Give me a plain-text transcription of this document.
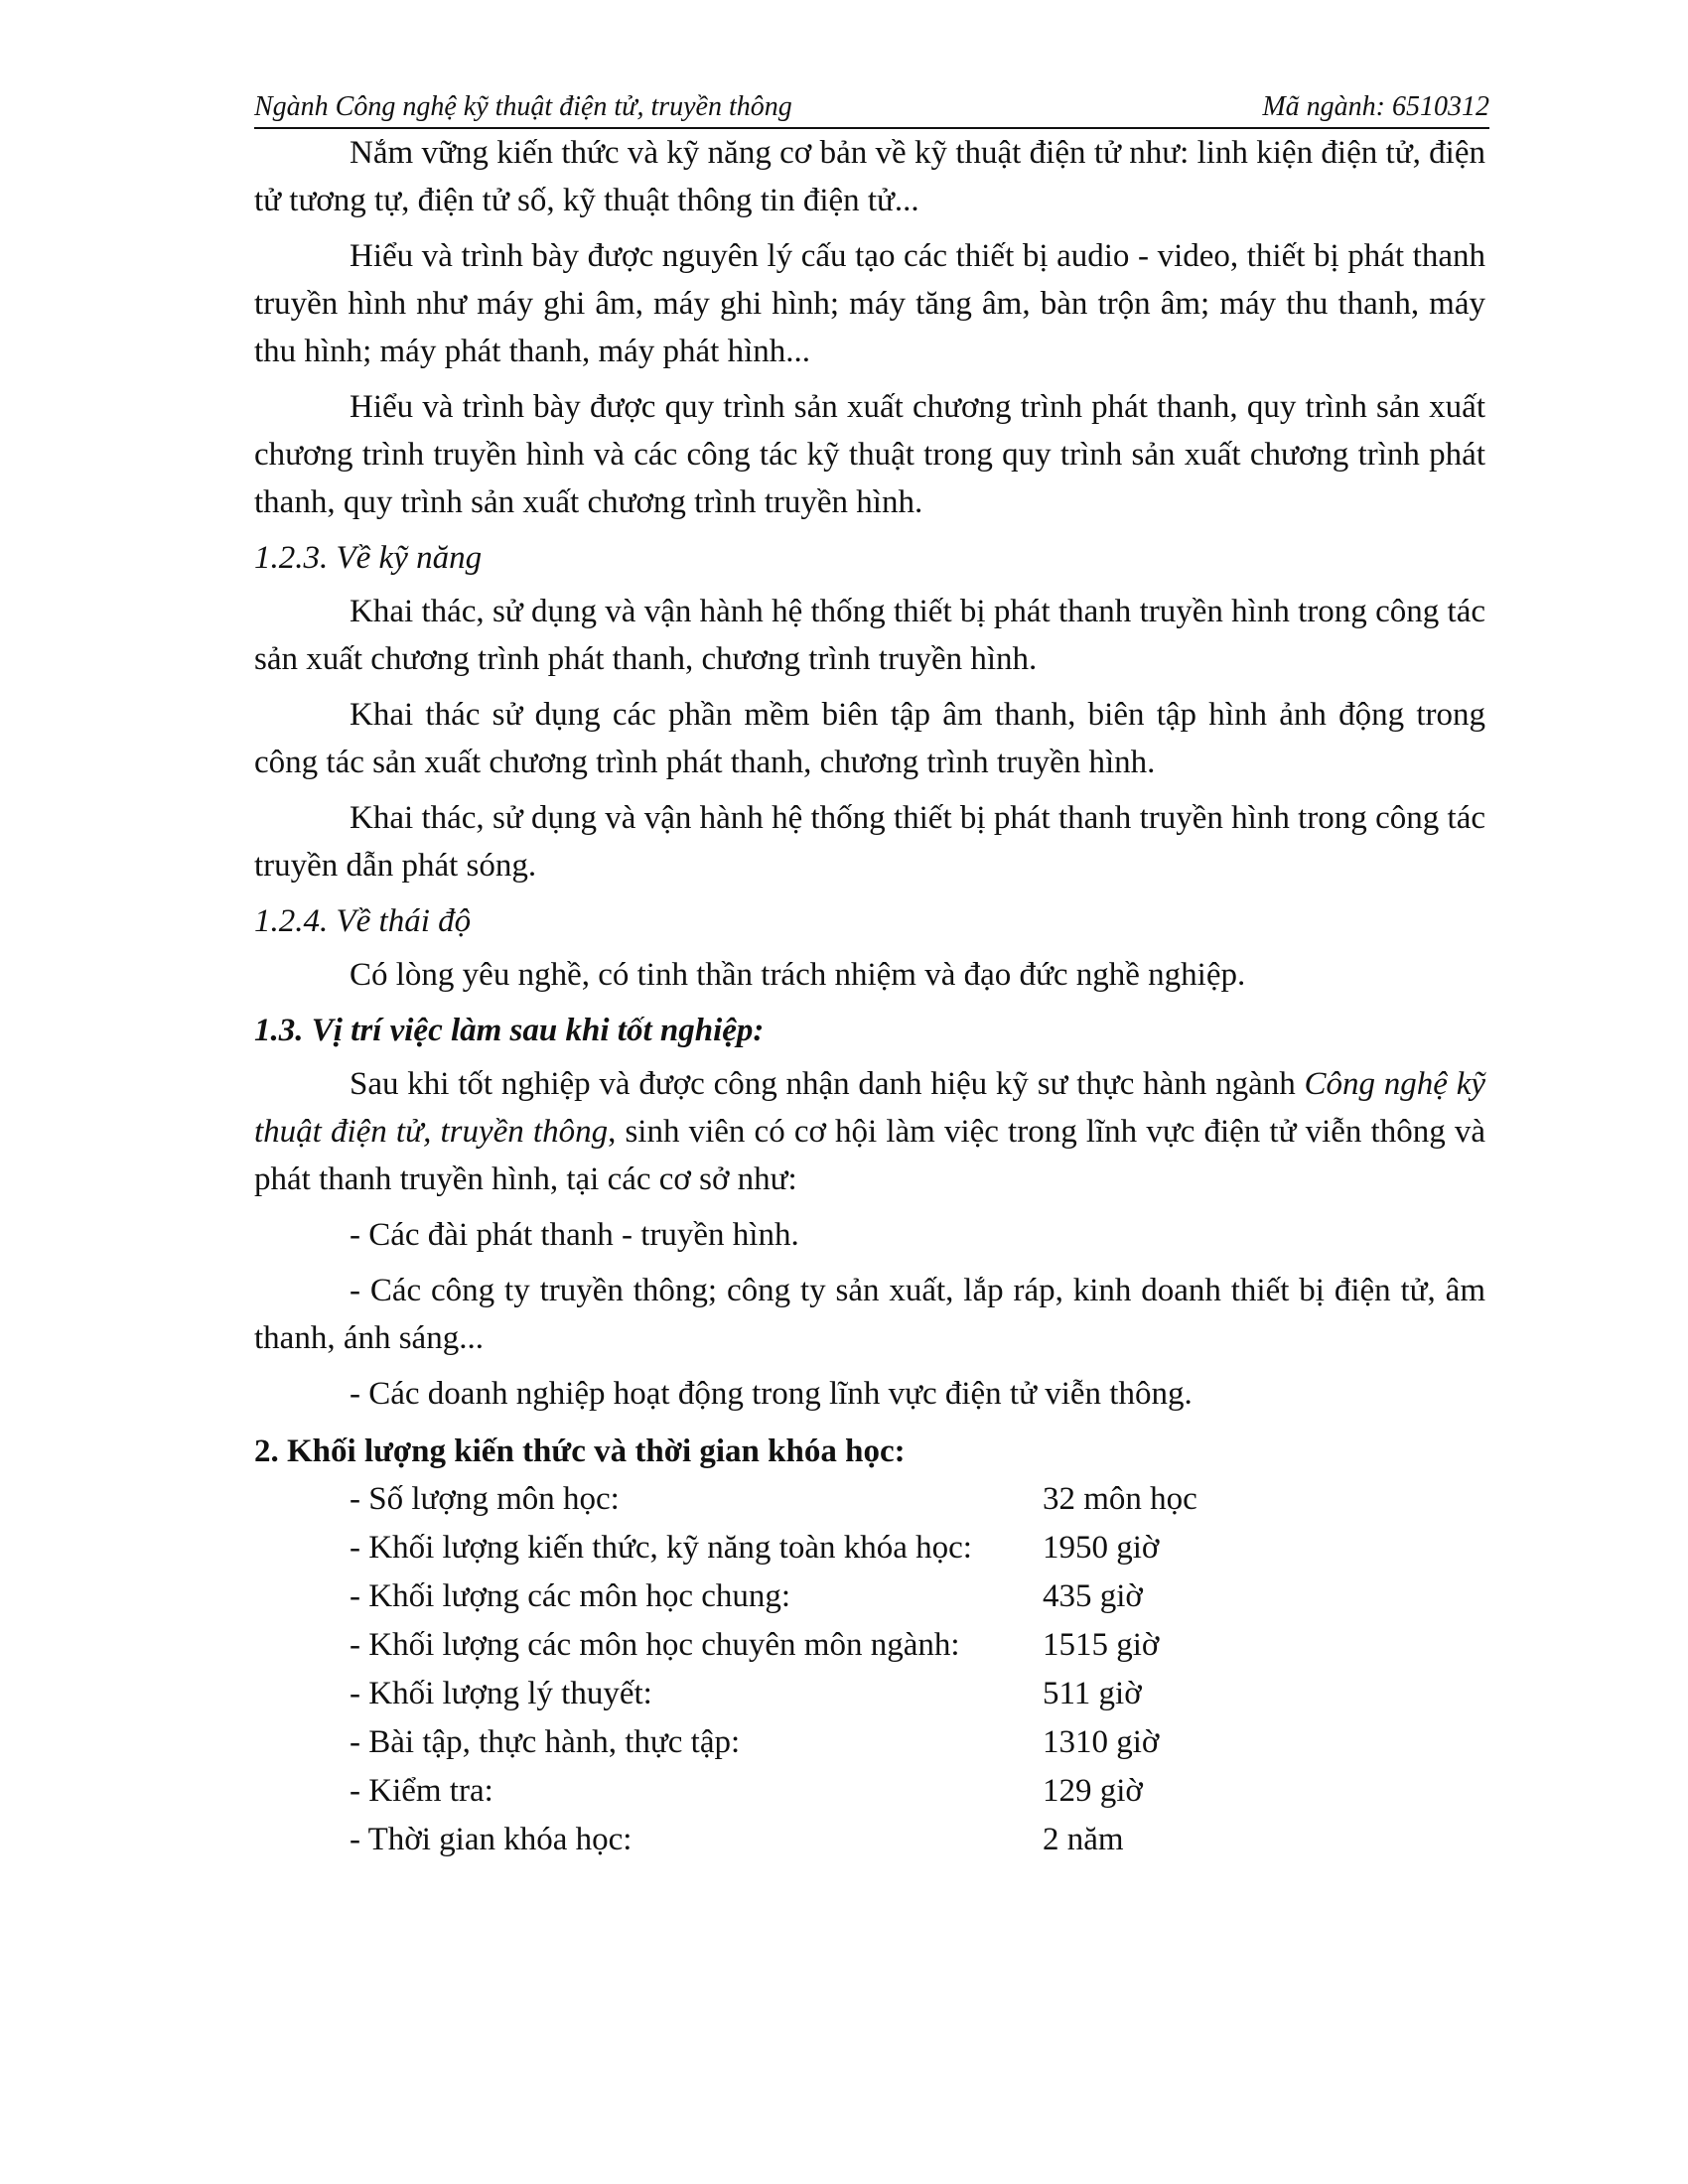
Ngành Công nghệ kỹ thuật điện tử, truyền thông	Mã ngành: 6510312

Nắm vững kiến thức và kỹ năng cơ bản về kỹ thuật điện tử như: linh kiện điện tử, điện tử tương tự, điện tử số, kỹ thuật thông tin điện tử...

Hiểu và trình bày được nguyên lý cấu tạo các thiết bị audio - video, thiết bị phát thanh truyền hình như máy ghi âm, máy ghi hình; máy tăng âm, bàn trộn âm; máy thu thanh, máy thu hình; máy phát thanh, máy phát hình...

Hiểu và trình bày được quy trình sản xuất chương trình phát thanh, quy trình sản xuất chương trình truyền hình và các công tác kỹ thuật trong quy trình sản xuất chương trình phát thanh, quy trình sản xuất chương trình truyền hình.

1.2.3. Về kỹ năng

Khai thác, sử dụng và vận hành hệ thống thiết bị phát thanh truyền hình trong công tác sản xuất chương trình phát thanh, chương trình truyền hình.

Khai thác sử dụng các phần mềm biên tập âm thanh, biên tập hình ảnh động trong công tác sản xuất chương trình phát thanh, chương trình truyền hình.

Khai thác, sử dụng và vận hành hệ thống thiết bị phát thanh truyền hình trong công tác truyền dẫn phát sóng.

1.2.4. Về thái độ

Có lòng yêu nghề, có tinh thần trách nhiệm và đạo đức nghề nghiệp.

1.3. Vị trí việc làm sau khi tốt nghiệp:

Sau khi tốt nghiệp và được công nhận danh hiệu kỹ sư thực hành ngành Công nghệ kỹ thuật điện tử, truyền thông, sinh viên có cơ hội làm việc trong lĩnh vực điện tử viễn thông và phát thanh truyền hình, tại các cơ sở như:

- Các đài phát thanh - truyền hình.

- Các công ty truyền thông; công ty sản xuất, lắp ráp, kinh doanh thiết bị điện tử, âm thanh, ánh sáng...

- Các doanh nghiệp hoạt động trong lĩnh vực điện tử viễn thông.

2. Khối lượng kiến thức và thời gian khóa học:
- Số lượng môn học:	32 môn học
- Khối lượng kiến thức, kỹ năng toàn khóa học:	1950 giờ
- Khối lượng các môn học chung:	435 giờ
- Khối lượng các môn học chuyên môn ngành:	1515 giờ
- Khối lượng lý thuyết:	511 giờ
- Bài tập, thực hành, thực tập:	1310 giờ
- Kiểm tra:	129 giờ
- Thời gian khóa học:	2 năm
